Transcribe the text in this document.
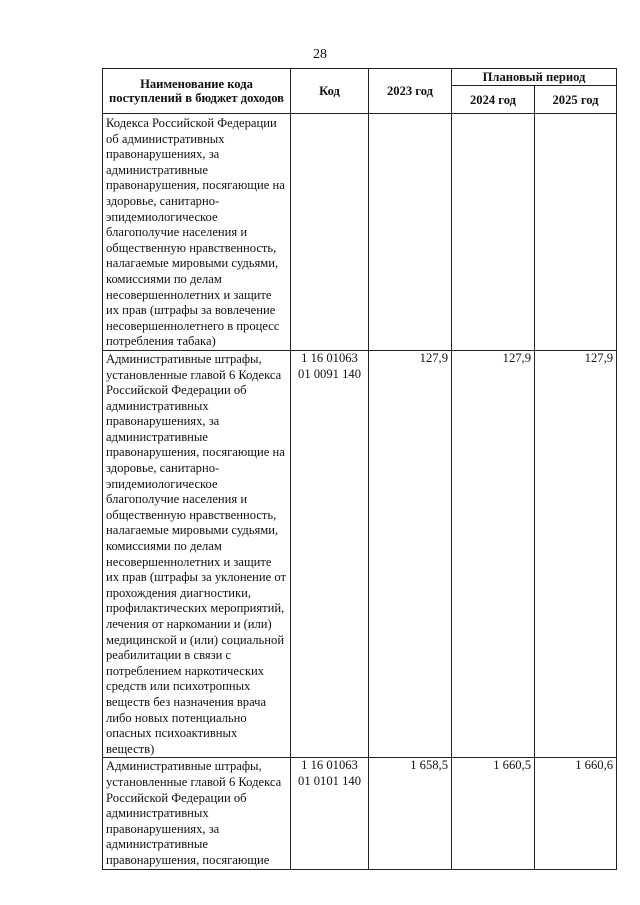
28
Наименование кода поступлений в бюджет доходов	Код	2023 год	Плановый период	
			2024 год	2025 год
Кодекса Российской Федерации об административных правонарушениях, за административные правонарушения, посягающие на здоровье, санитарно-эпидемиологическое благополучие населения и общественную нравственность, налагаемые мировыми судьями, комиссиями по делам несовершеннолетних и защите их прав (штрафы за вовлечение несовершеннолетнего в процесс потребления табака)				
Административные штрафы, установленные главой 6 Кодекса Российской Федерации об административных правонарушениях, за административные правонарушения, посягающие на здоровье, санитарно-эпидемиологическое благополучие населения и общественную нравственность, налагаемые мировыми судьями, комиссиями по делам несовершеннолетних и защите их прав (штрафы за уклонение от прохождения диагностики, профилактических мероприятий, лечения от наркомании и (или) медицинской и (или) социальной реабилитации в связи с потреблением наркотических средств или психотропных веществ без назначения врача либо новых потенциально опасных психоактивных веществ)	1 16 01063 01 0091 140	127,9	127,9	127,9
Административные штрафы, установленные главой 6 Кодекса Российской Федерации об административных правонарушениях, за административные правонарушения, посягающие	1 16 01063 01 0101 140	1 658,5	1 660,5	1 660,6
